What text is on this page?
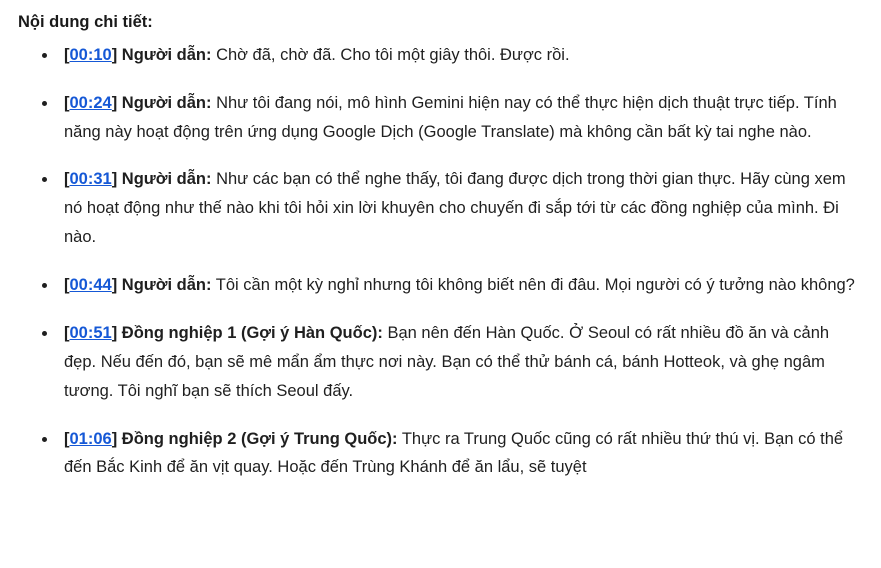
Nội dung chi tiết:
[00:10] Người dẫn: Chờ đã, chờ đã. Cho tôi một giây thôi. Được rồi.
[00:24] Người dẫn: Như tôi đang nói, mô hình Gemini hiện nay có thể thực hiện dịch thuật trực tiếp. Tính năng này hoạt động trên ứng dụng Google Dịch (Google Translate) mà không cần bất kỳ tai nghe nào.
[00:31] Người dẫn: Như các bạn có thể nghe thấy, tôi đang được dịch trong thời gian thực. Hãy cùng xem nó hoạt động như thế nào khi tôi hỏi xin lời khuyên cho chuyến đi sắp tới từ các đồng nghiệp của mình. Đi nào.
[00:44] Người dẫn: Tôi cần một kỳ nghỉ nhưng tôi không biết nên đi đâu. Mọi người có ý tưởng nào không?
[00:51] Đồng nghiệp 1 (Gợi ý Hàn Quốc): Bạn nên đến Hàn Quốc. Ở Seoul có rất nhiều đồ ăn và cảnh đẹp. Nếu đến đó, bạn sẽ mê mẩn ẩm thực nơi này. Bạn có thể thử bánh cá, bánh Hotteok, và ghẹ ngâm tương. Tôi nghĩ bạn sẽ thích Seoul đấy.
[01:06] Đồng nghiệp 2 (Gợi ý Trung Quốc): Thực ra Trung Quốc cũng có rất nhiều thứ thú vị. Bạn có thể đến Bắc Kinh để ăn vịt quay. Hoặc đến Trùng Khánh để ăn lẩu, sẽ tuyệt
